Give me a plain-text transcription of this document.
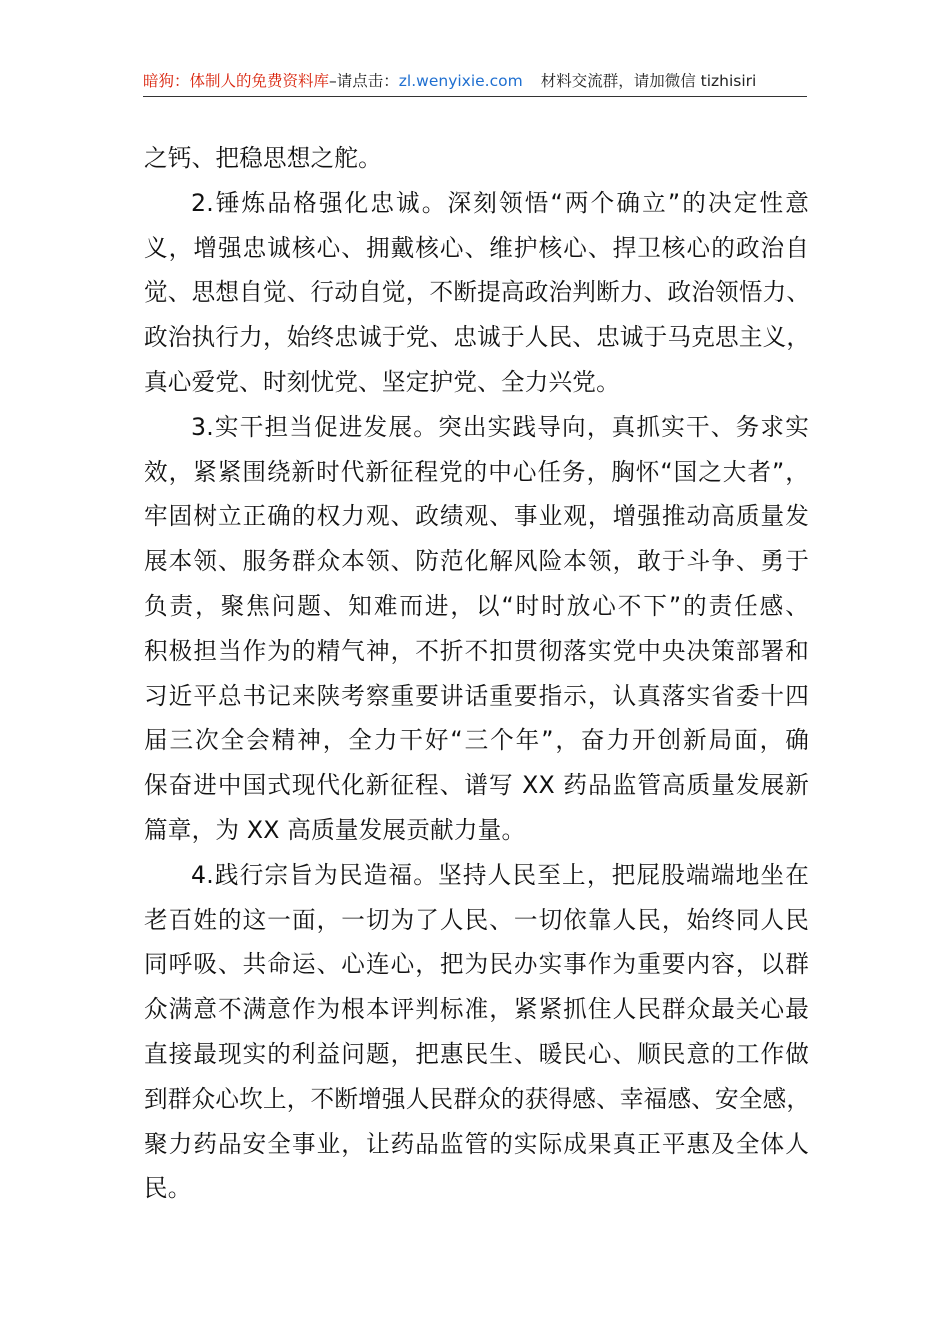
暗狗：体制人的免费资料库–请点击：zl.wenyixie.com 材料交流群，请加微信 tizhisiri
之钙、把稳思想之舵。
2.锤炼品格强化忠诚。深刻领悟“两个确立”的决定性意
义，增强忠诚核心、拥戴核心、维护核心、捍卫核心的政治自
觉、思想自觉、行动自觉，不断提高政治判断力、政治领悟力、
政治执行力，始终忠诚于党、忠诚于人民、忠诚于马克思主义，
真心爱党、时刻忧党、坚定护党、全力兴党。
3.实干担当促进发展。突出实践导向，真抓实干、务求实
效，紧紧围绕新时代新征程党的中心任务，胸怀“国之大者”，
牢固树立正确的权力观、政绩观、事业观，增强推动高质量发
展本领、服务群众本领、防范化解风险本领，敢于斗争、勇于
负责，聚焦问题、知难而进，以“时时放心不下”的责任感、
积极担当作为的精气神，不折不扣贯彻落实党中央决策部署和
习近平总书记来陕考察重要讲话重要指示，认真落实省委十四
届三次全会精神，全力干好“三个年”，奋力开创新局面，确
保奋进中国式现代化新征程、谱写 XX 药品监管高质量发展新
篇章，为 XX 高质量发展贡献力量。
4.践行宗旨为民造福。坚持人民至上，把屁股端端地坐在
老百姓的这一面，一切为了人民、一切依靠人民，始终同人民
同呼吸、共命运、心连心，把为民办实事作为重要内容，以群
众满意不满意作为根本评判标准，紧紧抓住人民群众最关心最
直接最现实的利益问题，把惠民生、暖民心、顺民意的工作做
到群众心坎上，不断增强人民群众的获得感、幸福感、安全感，
聚力药品安全事业，让药品监管的实际成果真正平惠及全体人
民。
